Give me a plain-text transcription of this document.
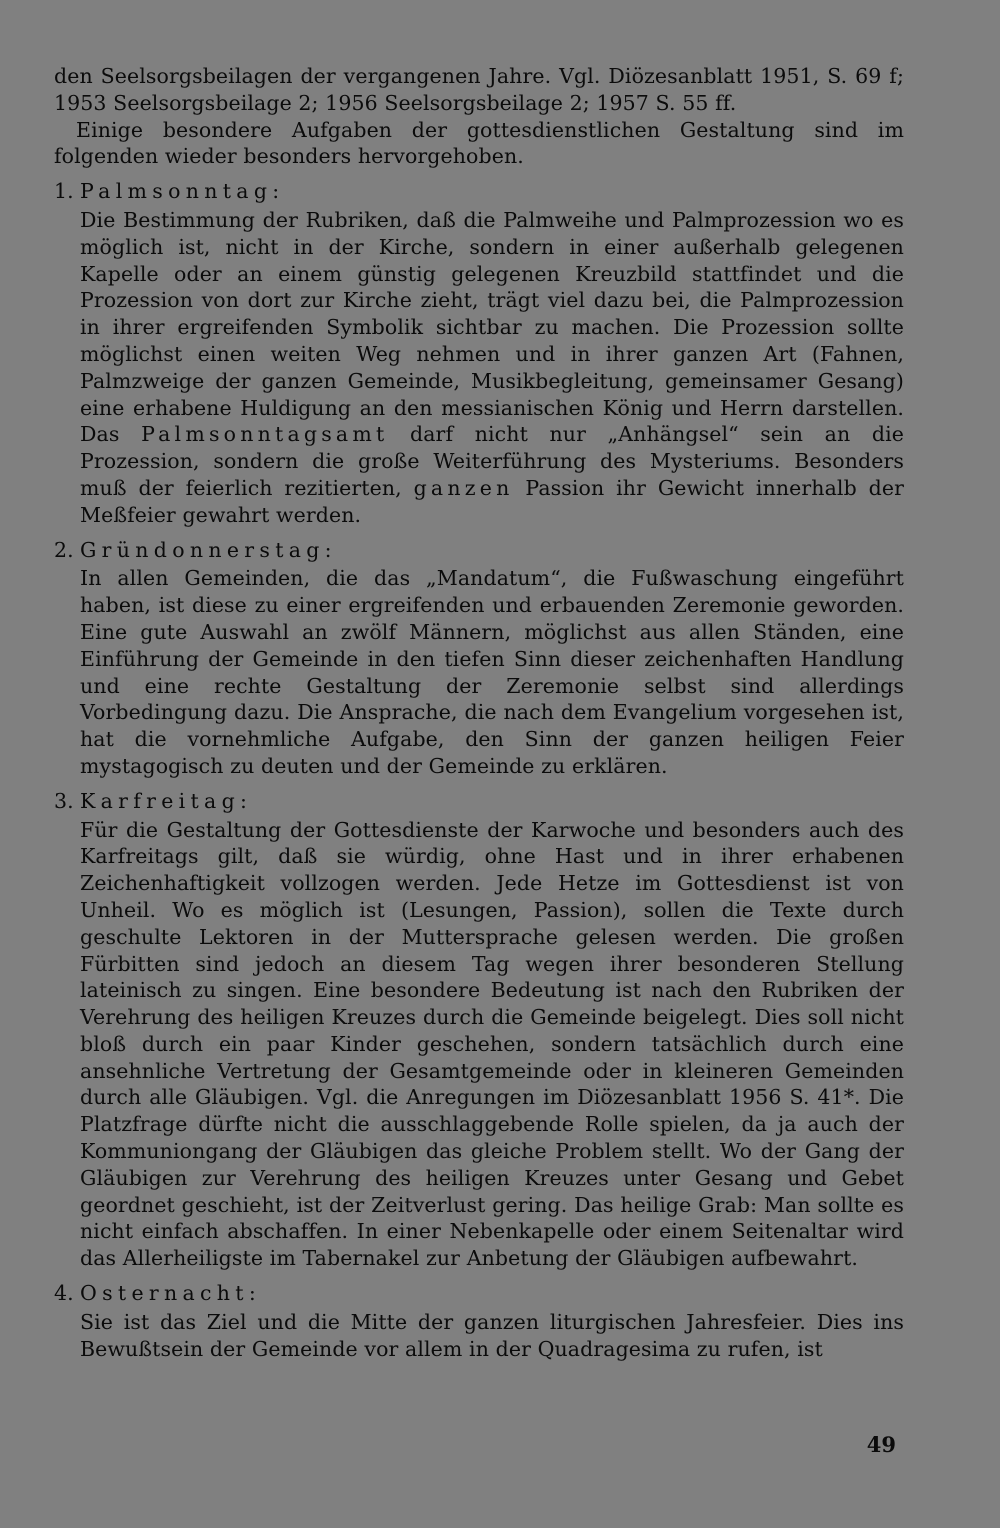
den Seelsorgsbeilagen der vergangenen Jahre. Vgl. Diözesanblatt 1951, S. 69 f; 1953 Seelsorgsbeilage 2; 1956 Seelsorgsbeilage 2; 1957 S. 55 ff.

Einige besondere Aufgaben der gottesdienstlichen Gestaltung sind im folgenden wieder besonders hervorgehoben.

1. Palmsonntag:

Die Bestimmung der Rubriken, daß die Palmweihe und Palmprozession wo es möglich ist, nicht in der Kirche, sondern in einer außerhalb gelegenen Kapelle oder an einem günstig gelegenen Kreuzbild stattfindet und die Prozession von dort zur Kirche zieht, trägt viel dazu bei, die Palmprozession in ihrer ergreifenden Symbolik sichtbar zu machen. Die Prozession sollte möglichst einen weiten Weg nehmen und in ihrer ganzen Art (Fahnen, Palmzweige der ganzen Gemeinde, Musikbegleitung, gemeinsamer Gesang) eine erhabene Huldigung an den messianischen König und Herrn darstellen. Das Palmsonntagsamt darf nicht nur „Anhängsel“ sein an die Prozession, sondern die große Weiterführung des Mysteriums. Besonders muß der feierlich rezitierten, ganzen Passion ihr Gewicht innerhalb der Meßfeier gewahrt werden.

2. Gründonnerstag:

In allen Gemeinden, die das „Mandatum“, die Fußwaschung eingeführt haben, ist diese zu einer ergreifenden und erbauenden Zeremonie geworden. Eine gute Auswahl an zwölf Männern, möglichst aus allen Ständen, eine Einführung der Gemeinde in den tiefen Sinn dieser zeichenhaften Handlung und eine rechte Gestaltung der Zeremonie selbst sind allerdings Vorbedingung dazu. Die Ansprache, die nach dem Evangelium vorgesehen ist, hat die vornehmliche Aufgabe, den Sinn der ganzen heiligen Feier mystagogisch zu deuten und der Gemeinde zu erklären.

3. Karfreitag:

Für die Gestaltung der Gottesdienste der Karwoche und besonders auch des Karfreitags gilt, daß sie würdig, ohne Hast und in ihrer erhabenen Zeichenhaftigkeit vollzogen werden. Jede Hetze im Gottesdienst ist von Unheil. Wo es möglich ist (Lesungen, Passion), sollen die Texte durch geschulte Lektoren in der Muttersprache gelesen werden. Die großen Fürbitten sind jedoch an diesem Tag wegen ihrer besonderen Stellung lateinisch zu singen. Eine besondere Bedeutung ist nach den Rubriken der Verehrung des heiligen Kreuzes durch die Gemeinde beigelegt. Dies soll nicht bloß durch ein paar Kinder geschehen, sondern tatsächlich durch eine ansehnliche Vertretung der Gesamtgemeinde oder in kleineren Gemeinden durch alle Gläubigen. Vgl. die Anregungen im Diözesanblatt 1956 S. 41*. Die Platzfrage dürfte nicht die ausschlaggebende Rolle spielen, da ja auch der Kommuniongang der Gläubigen das gleiche Problem stellt. Wo der Gang der Gläubigen zur Verehrung des heiligen Kreuzes unter Gesang und Gebet geordnet geschieht, ist der Zeitverlust gering. Das heilige Grab: Man sollte es nicht einfach abschaffen. In einer Nebenkapelle oder einem Seitenaltar wird das Allerheiligste im Tabernakel zur Anbetung der Gläubigen aufbewahrt.

4. Osternacht:

Sie ist das Ziel und die Mitte der ganzen liturgischen Jahresfeier. Dies ins Bewußtsein der Gemeinde vor allem in der Quadragesima zu rufen, ist

49
